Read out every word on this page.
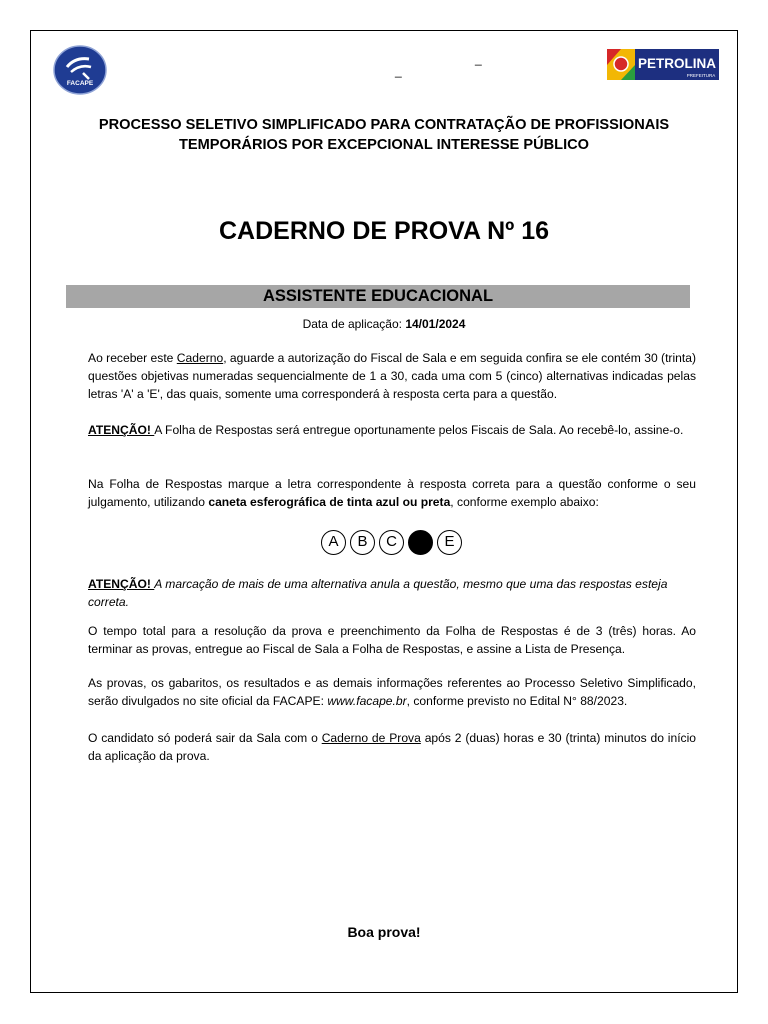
FACAPE
_
_	PETROLINA
PREFEITURA
PROCESSO SELETIVO SIMPLIFICADO PARA CONTRATAÇÃO DE PROFISSIONAIS TEMPORÁRIOS POR EXCEPCIONAL INTERESSE PÚBLICO
CADERNO DE PROVA Nº 16
ASSISTENTE EDUCACIONAL
Data de aplicação: 14/01/2024
Ao receber este Caderno, aguarde a autorização do Fiscal de Sala e em seguida confira se ele contém 30 (trinta) questões objetivas numeradas sequencialmente de 1 a 30, cada uma com 5 (cinco) alternativas indicadas pelas letras 'A' a 'E', das quais, somente uma corresponderá à resposta certa para a questão.
ATENÇÃO! A Folha de Respostas será entregue oportunamente pelos Fiscais de Sala. Ao recebê-lo, assine-o.
Na Folha de Respostas marque a letra correspondente à resposta correta para a questão conforme o seu julgamento, utilizando caneta esferográfica de tinta azul ou preta, conforme exemplo abaixo:
A	B	C	E
ATENÇÃO! A marcação de mais de uma alternativa anula a questão, mesmo que uma das respostas esteja correta.
O tempo total para a resolução da prova e preenchimento da Folha de Respostas é de 3 (três) horas. Ao terminar as provas, entregue ao Fiscal de Sala a Folha de Respostas, e assine a Lista de Presença.
As provas, os gabaritos, os resultados e as demais informações referentes ao Processo Seletivo Simplificado, serão divulgados no site oficial da FACAPE: www.facape.br, conforme previsto no Edital N° 88/2023.
O candidato só poderá sair da Sala com o Caderno de Prova após 2 (duas) horas e 30 (trinta) minutos do início da aplicação da prova.
Boa prova!
